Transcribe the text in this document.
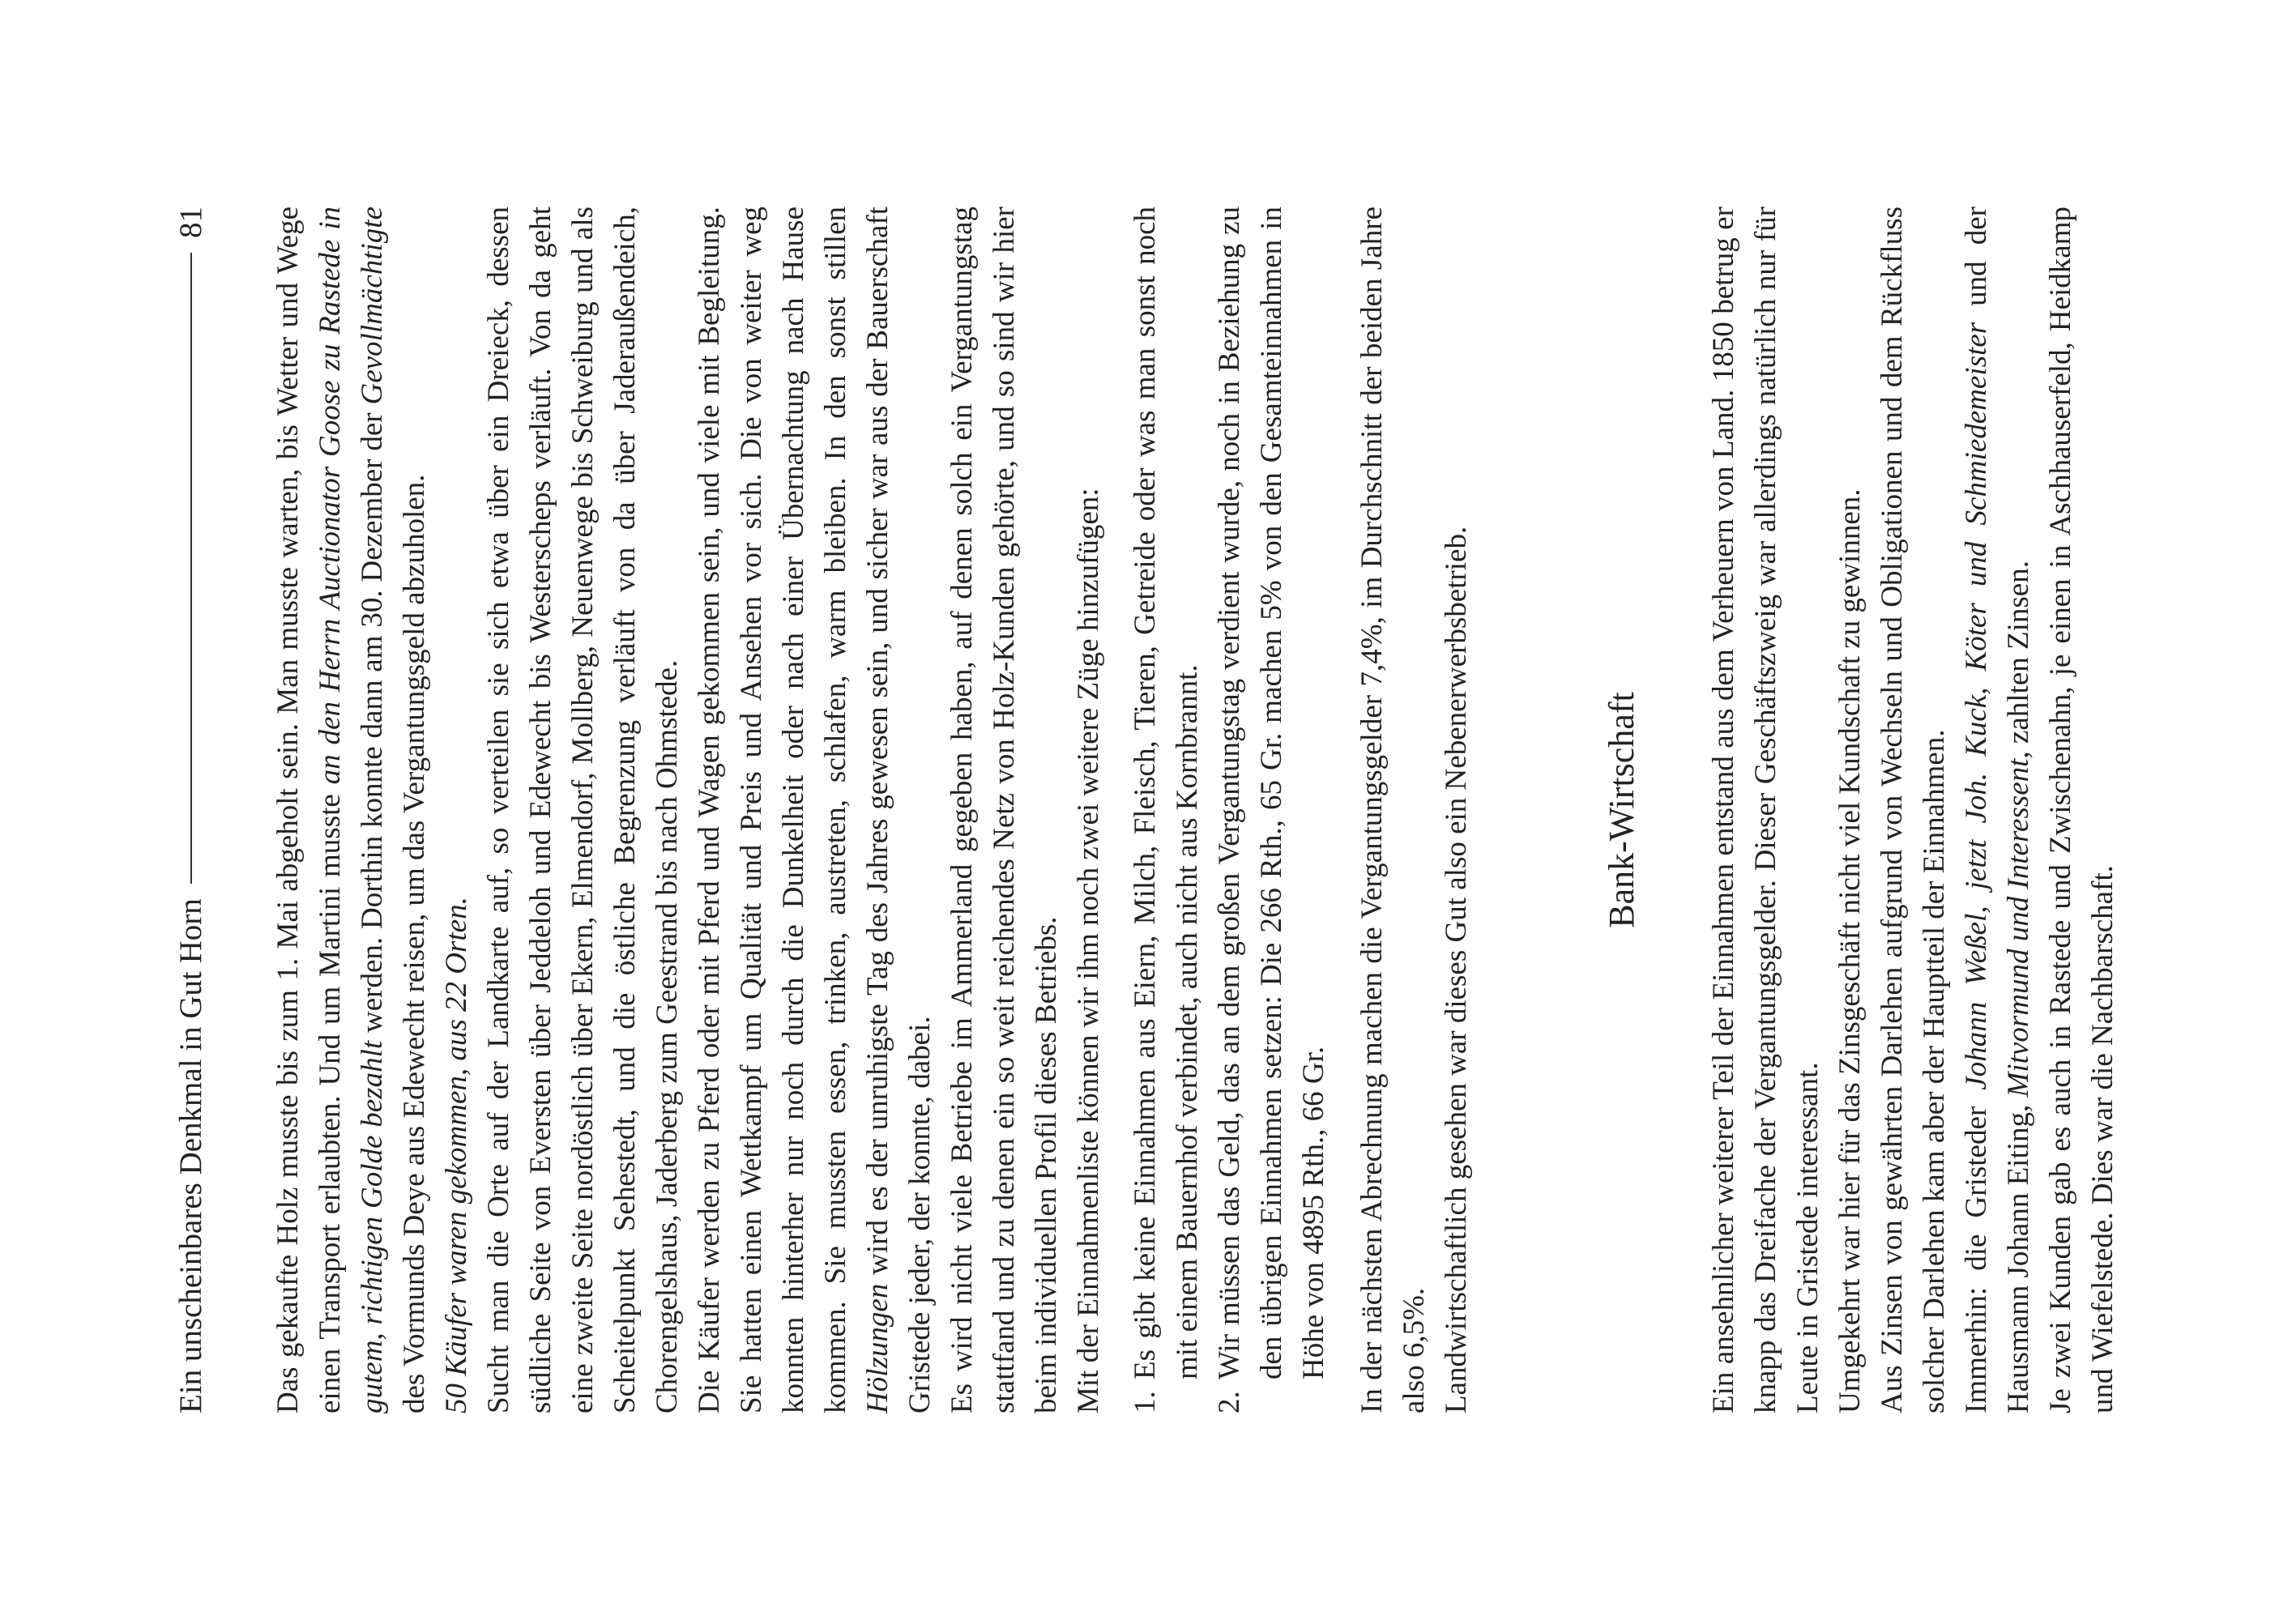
Ein unscheinbares Denkmal in Gut Horn
81 Das gekaufte Holz musste bis zum 1. Mai abgeholt sein. Man musste warten, bis Wetter und Wege einen Transport erlaubten. Und um Martini musste an den Herrn Auctionator Goose zu Rastede in gutem, richtigen Golde bezahlt werden. Dorthin konnte dann am 30. Dezember der Gevollmächtigte des Vormunds Deye aus Edewecht reisen, um das Vergantungsgeld abzuholen. 50 Käufer waren gekommen, aus 22 Orten. Sucht man die Orte auf der Landkarte auf, so verteilen sie sich etwa über ein Dreieck, dessen südliche Seite von Eversten über Jeddeloh und Edewecht bis Westerscheps verläuft. Von da geht eine zweite Seite nordöstlich über Ekern, Elmendorf, Mollberg, Neuenwege bis Schweiburg und als Scheitelpunkt Sehestedt, und die östliche Begrenzung verläuft von da über Jaderaußendeich, Chorengelshaus, Jaderberg zum Geestrand bis nach Ohmstede. Die Käufer werden zu Pferd oder mit Pferd und Wagen gekommen sein, und viele mit Begleitung. Sie hatten einen Wettkampf um Qualität und Preis und Ansehen vor sich. Die von weiter weg konnten hinterher nur noch durch die Dunkelheit oder nach einer Übernachtung nach Hause kommen. Sie mussten essen, trinken, austreten, schlafen, warm bleiben. In den sonst stillen Hölzungen wird es der unruhigste Tag des Jahres gewesen sein, und sicher war aus der Bauerschaft Gristede jeder, der konnte, dabei. Es wird nicht viele Betriebe im Ammerland gegeben haben, auf denen solch ein Vergantungstag stattfand und zu denen ein so weit reichendes Netz von Holz-Kunden gehörte, und so sind wir hier beim individuellen Profil dieses Betriebs. Mit der Einnahmenliste können wir ihm noch zwei weitere Züge hinzufügen: 1.
Es gibt keine Einnahmen aus Eiern, Milch, Fleisch, Tieren, Getreide oder was man sonst noch mit einem Bauernhof verbindet, auch nicht aus Kornbrannt.
2.
Wir müssen das Geld, das an dem großen Vergantungstag verdient wurde, noch in Beziehung zu den übrigen Einnahmen setzen: Die 266 Rth., 65 Gr. machen 5% von den Gesamteinnahmen in Höhe von 4895 Rth., 66 Gr. In der nächsten Abrechnung machen die Vergantungsgelder 7,4%, im Durchschnitt der beiden Jahre also 6,5%. Landwirtschaftlich gesehen war dieses Gut also ein Nebenerwerbsbetrieb.	Bank-Wirtschaft Ein ansehnlicher weiterer Teil der Einnahmen entstand aus dem Verheuern von Land. 1850 betrug er knapp das Dreifache der Vergantungsgelder. Dieser Geschäftszweig war allerdings natürlich nur für Leute in Gristede interessant. Umgekehrt war hier für das Zinsgeschäft nicht viel Kundschaft zu gewinnen. Aus Zinsen von gewährten Darlehen aufgrund von Wechseln und Obligationen und dem Rückfluss solcher Darlehen kam aber der Hauptteil der Einnahmen. Immerhin: die Gristeder Johann Weßel, jetzt Joh. Kuck, Köter und Schmiedemeister und der Hausmann Johann Eiting, Mitvormund und Interessent, zahlten Zinsen. Je zwei Kunden gab es auch in Rastede und Zwischenahn, je einen in Aschhauserfeld, Heidkamp und Wiefelstede. Dies war die Nachbarschaft.
